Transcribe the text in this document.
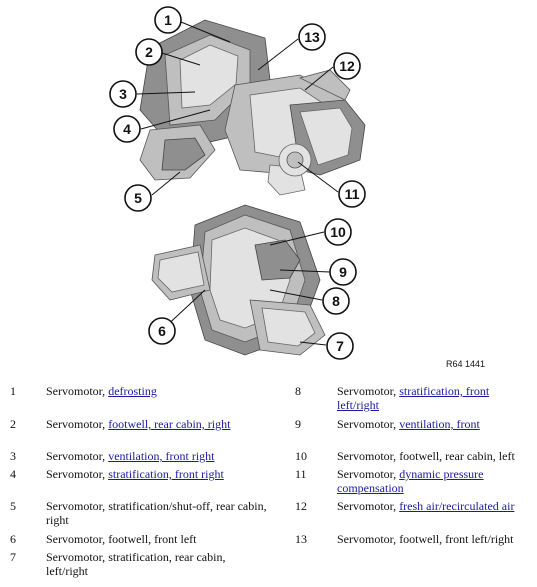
1
2
3
4
5
6
7
8
9
10
11
12
13
R64 1441
1	Servomotor, defrosting
2	Servomotor, footwell, rear cabin, right
3	Servomotor, ventilation, front right
4	Servomotor, stratification, front right
5	Servomotor, stratification/shut-off, rear cabin, right
6	Servomotor, footwell, front left
7	Servomotor, stratification, rear cabin, left/right
8	Servomotor, stratification, front left/right
9	Servomotor, ventilation, front
10	Servomotor, footwell, rear cabin, left
11	Servomotor, dynamic pressure compensation
12	Servomotor, fresh air/recirculated air
13	Servomotor, footwell, front left/right
